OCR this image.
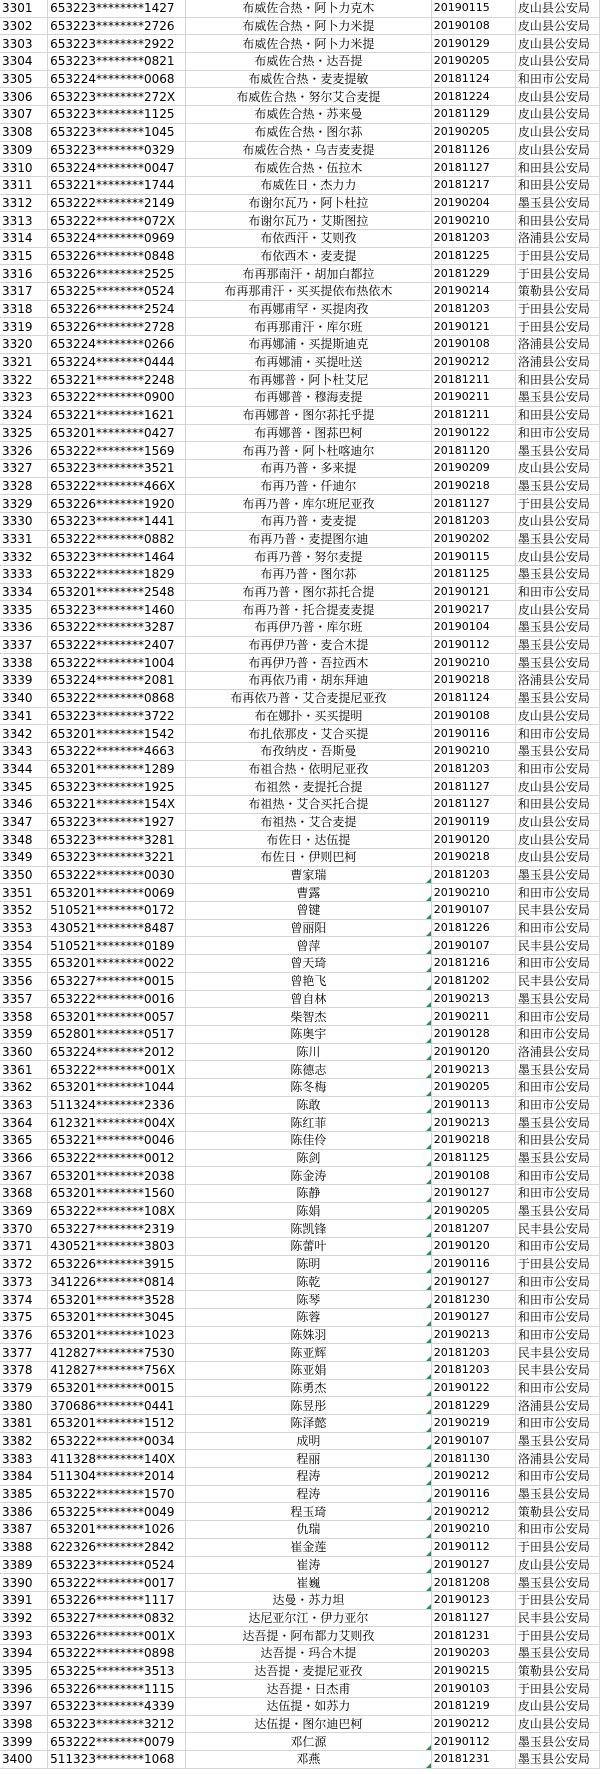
3301	653223********1427	布威佐合热・阿卜力克木	20190115	皮山县公安局
3302	653223********2726	布威佐合热・阿卜力米提	20190108	皮山县公安局
3303	653223********2922	布威佐合热・阿卜力米提	20190129	皮山县公安局
3304	653223********0821	布威佐合热・达吾提	20190205	皮山县公安局
3305	653224********0068	布威佐合热・麦麦提敏	20181124	和田市公安局
3306	653223********272X	布威佐合热・努尔艾合麦提	20181224	皮山县公安局
3307	653223********1125	布威佐合热・苏来曼	20181129	皮山县公安局
3308	653223********1045	布威佐合热・图尔荪	20190205	皮山县公安局
3309	653223********0329	布威佐合热・乌吉麦麦提	20181126	皮山县公安局
3310	653224********0047	布威佐合热・伍拉木	20181127	和田县公安局
3311	653221********1744	布威佐日・杰力力	20181217	和田县公安局
3312	653222********2149	布谢尔瓦乃・阿卜杜拉	20190204	墨玉县公安局
3313	653222********072X	布谢尔瓦乃・艾斯图拉	20190210	和田县公安局
3314	653224********0969	布依西汗・艾则孜	20181203	洛浦县公安局
3315	653226********0848	布依西木・麦麦提	20181225	于田县公安局
3316	653226********2525	布再那南汗・胡加白都拉	20181229	于田县公安局
3317	653225********0524	布再那甫汗・买买提依布热依木	20190214	策勒县公安局
3318	653226********2524	布再娜甫罕・买提肉孜	20181203	于田县公安局
3319	653226********2728	布再那甫汗・库尔班	20190121	于田县公安局
3320	653224********0266	布再娜浦・买提斯迪克	20190108	洛浦县公安局
3321	653224********0444	布再娜浦・买提吐送	20190212	洛浦县公安局
3322	653221********2248	布再娜普・阿卜杜艾尼	20181211	和田县公安局
3323	653222********0900	布再娜普・穆海麦提	20190211	墨玉县公安局
3324	653221********1621	布再娜普・图尔荪托乎提	20181211	和田县公安局
3325	653201********0427	布再娜普・图荪巴柯	20190122	和田市公安局
3326	653222********1569	布再乃普・阿卜杜喀迪尔	20181120	墨玉县公安局
3327	653223********3521	布再乃普・多来提	20190209	皮山县公安局
3328	653222********466X	布再乃普・仟迪尔	20190218	墨玉县公安局
3329	653226********1920	布再乃普・库尔班尼亚孜	20181127	于田县公安局
3330	653223********1441	布再乃普・麦麦提	20181203	皮山县公安局
3331	653222********0882	布再乃普・麦提图尔迪	20190202	墨玉县公安局
3332	653223********1464	布再乃普・努尔麦提	20190115	皮山县公安局
3333	653222********1829	布再乃普・图尔荪	20181125	墨玉县公安局
3334	653201********2548	布再乃普・图尔荪托合提	20190121	和田市公安局
3335	653223********1460	布再乃普・托合提麦麦提	20190217	皮山县公安局
3336	653222********3287	布再伊乃普・库尔班	20190104	墨玉县公安局
3337	653222********2407	布再伊乃普・麦合木提	20190112	墨玉县公安局
3338	653222********1004	布再伊乃普・吾拉西木	20190210	墨玉县公安局
3339	653224********2081	布再依乃甫・胡东拜迪	20190218	洛浦县公安局
3340	653222********0868	布再依乃普・艾合麦提尼亚孜	20181124	墨玉县公安局
3341	653223********3722	布在娜扑・买买提明	20190108	皮山县公安局
3342	653201********1542	布扎依那皮・艾合买提	20190116	和田市公安局
3343	653222********4663	布孜纳皮・吾斯曼	20190210	墨玉县公安局
3344	653201********1289	布祖合热・依明尼亚孜	20181203	和田市公安局
3345	653223********1925	布祖然・麦提托合提	20181127	皮山县公安局
3346	653221********154X	布祖热・艾合买托合提	20181127	和田县公安局
3347	653223********1927	布祖热・艾合麦提	20190119	皮山县公安局
3348	653223********3281	布佐日・达伍提	20190120	皮山县公安局
3349	653223********3221	布佐日・伊则巴柯	20190218	皮山县公安局
3350	653222********0030	曹家瑞	20181203	墨玉县公安局
3351	653201********0069	曹露	20190210	和田市公安局
3352	510521********0172	曾键	20190107	民丰县公安局
3353	430521********8487	曾丽阳	20181226	和田市公安局
3354	510521********0189	曾萍	20190107	民丰县公安局
3355	653201********0022	曾天琦	20181216	和田市公安局
3356	653227********0015	曾艳飞	20181202	民丰县公安局
3357	653222********0016	曾自林	20190213	墨玉县公安局
3358	653201********0057	柴智杰	20190211	和田市公安局
3359	652801********0517	陈奥宇	20190128	和田市公安局
3360	653224********2012	陈川	20190120	洛浦县公安局
3361	653222********001X	陈德志	20190213	墨玉县公安局
3362	653201********1044	陈冬梅	20190205	和田市公安局
3363	511324********2336	陈敢	20190113	和田市公安局
3364	612321********004X	陈红菲	20190213	墨玉县公安局
3365	653221********0046	陈佳伶	20190218	和田县公安局
3366	653222********0012	陈剑	20181125	墨玉县公安局
3367	653201********2038	陈金涛	20190108	和田市公安局
3368	653201********1560	陈静	20190127	和田市公安局
3369	653222********108X	陈娟	20190205	墨玉县公安局
3370	653227********2319	陈凯锋	20181207	民丰县公安局
3371	430521********3803	陈蕾叶	20190120	和田市公安局
3372	653226********3915	陈明	20190116	于田县公安局
3373	341226********0814	陈乾	20190127	和田市公安局
3374	653201********3528	陈琴	20181230	和田市公安局
3375	653201********3045	陈蓉	20190127	和田市公安局
3376	653201********1023	陈姝羽	20190213	和田市公安局
3377	412827********7530	陈亚辉	20181203	民丰县公安局
3378	412827********756X	陈亚娟	20181203	民丰县公安局
3379	653201********0015	陈勇杰	20190122	和田市公安局
3380	370686********0441	陈昱彤	20181229	洛浦县公安局
3381	653201********1512	陈泽懿	20190219	和田市公安局
3382	653222********0034	成明	20190107	墨玉县公安局
3383	411328********140X	程丽	20181130	洛浦县公安局
3384	511304********2014	程涛	20190212	和田市公安局
3385	653222********1570	程涛	20190116	墨玉县公安局
3386	653225********0049	程玉琦	20190212	策勒县公安局
3387	653201********1026	仇瑞	20190210	和田市公安局
3388	622326********2842	崔金莲	20190112	于田县公安局
3389	653223********0524	崔涛	20190127	皮山县公安局
3390	653222********0017	崔巍	20181208	墨玉县公安局
3391	653226********1117	达曼・苏力坦	20190123	于田县公安局
3392	653227********0832	达尼亚尔江・伊力亚尔	20181127	民丰县公安局
3393	653226********001X	达吾提・阿布都力艾则孜	20181231	于田县公安局
3394	653222********0898	达吾提・玛合木提	20190203	墨玉县公安局
3395	653225********3513	达吾提・麦提尼亚孜	20190215	策勒县公安局
3396	653226********1115	达吾提・日杰甫	20190103	于田县公安局
3397	653223********4339	达伍提・如苏力	20181219	皮山县公安局
3398	653223********3212	达伍提・图尔迪巴柯	20190212	皮山县公安局
3399	653222********0079	邓仁源	20190112	墨玉县公安局
3400	511323********1068	邓燕	20181231	墨玉县公安局
